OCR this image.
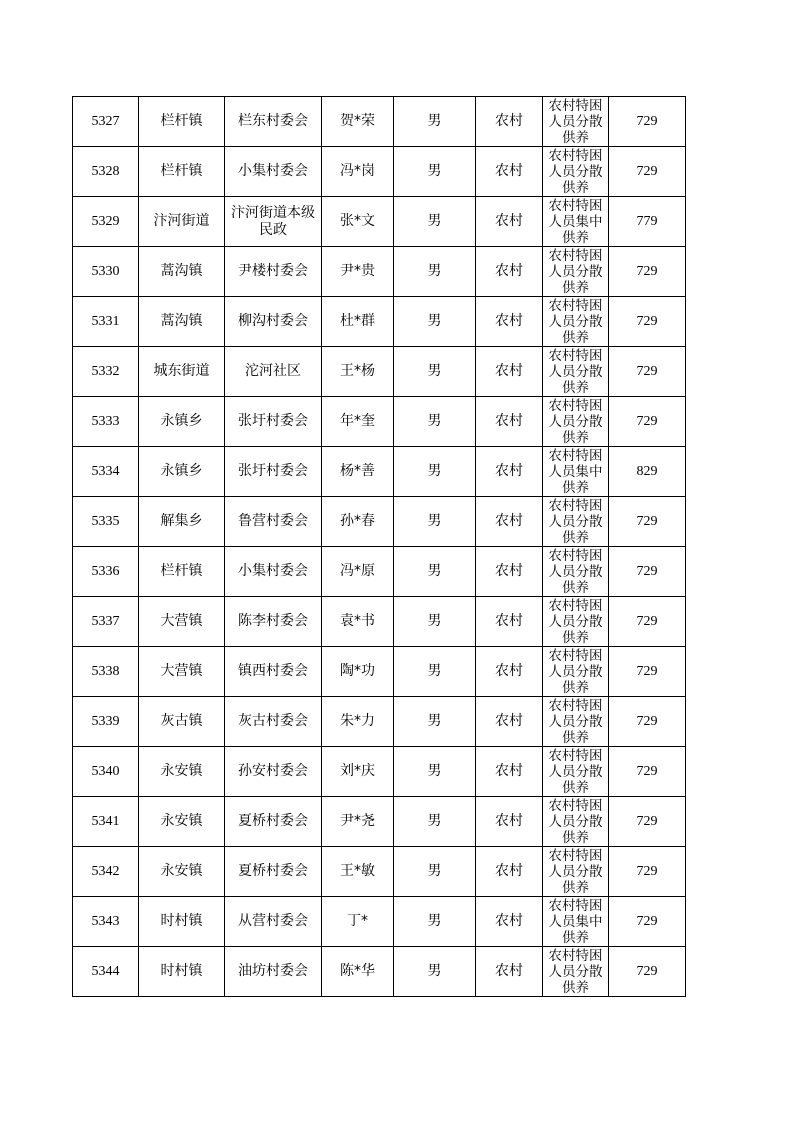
5327	栏杆镇	栏东村委会	贺*荣	男	农村	农村特困人员分散供养	729
5328	栏杆镇	小集村委会	冯*岗	男	农村	农村特困人员分散供养	729
5329	汴河街道	汴河街道本级民政	张*文	男	农村	农村特困人员集中供养	779
5330	蒿沟镇	尹楼村委会	尹*贵	男	农村	农村特困人员分散供养	729
5331	蒿沟镇	柳沟村委会	杜*群	男	农村	农村特困人员分散供养	729
5332	城东街道	沱河社区	王*杨	男	农村	农村特困人员分散供养	729
5333	永镇乡	张圩村委会	年*奎	男	农村	农村特困人员分散供养	729
5334	永镇乡	张圩村委会	杨*善	男	农村	农村特困人员集中供养	829
5335	解集乡	鲁营村委会	孙*春	男	农村	农村特困人员分散供养	729
5336	栏杆镇	小集村委会	冯*原	男	农村	农村特困人员分散供养	729
5337	大营镇	陈李村委会	袁*书	男	农村	农村特困人员分散供养	729
5338	大营镇	镇西村委会	陶*功	男	农村	农村特困人员分散供养	729
5339	灰古镇	灰古村委会	朱*力	男	农村	农村特困人员分散供养	729
5340	永安镇	孙安村委会	刘*庆	男	农村	农村特困人员分散供养	729
5341	永安镇	夏桥村委会	尹*尧	男	农村	农村特困人员分散供养	729
5342	永安镇	夏桥村委会	王*敏	男	农村	农村特困人员分散供养	729
5343	时村镇	从营村委会	丁*	男	农村	农村特困人员集中供养	729
5344	时村镇	油坊村委会	陈*华	男	农村	农村特困人员分散供养	729
